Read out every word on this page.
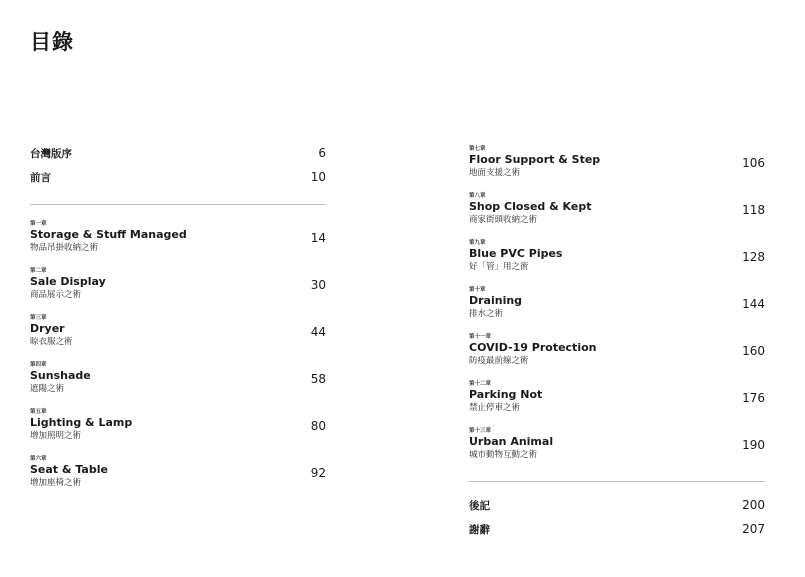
目錄
台灣版序	6
前言	10
第一章
Storage & Stuff Managed
物品吊掛收納之術
14
第二章
Sale Display
商品展示之術
30
第三章
Dryer
晾衣服之術
44
第四章
Sunshade
遮陽之術
58
第五章
Lighting & Lamp
增加照明之術
80
第六章
Seat & Table
增加座椅之術
92
第七章
Floor Support & Step
地面支援之術
106
第八章
Shop Closed & Kept
商家街頭收納之術
118
第九章
Blue PVC Pipes
好「管」用之術
128
第十章
Draining
排水之術
144
第十一章
COVID-19 Protection
防疫最前線之術
160
第十二章
Parking Not
禁止停車之術
176
第十三章
Urban Animal
城市動物互動之術
190
後記	200
謝辭	207
